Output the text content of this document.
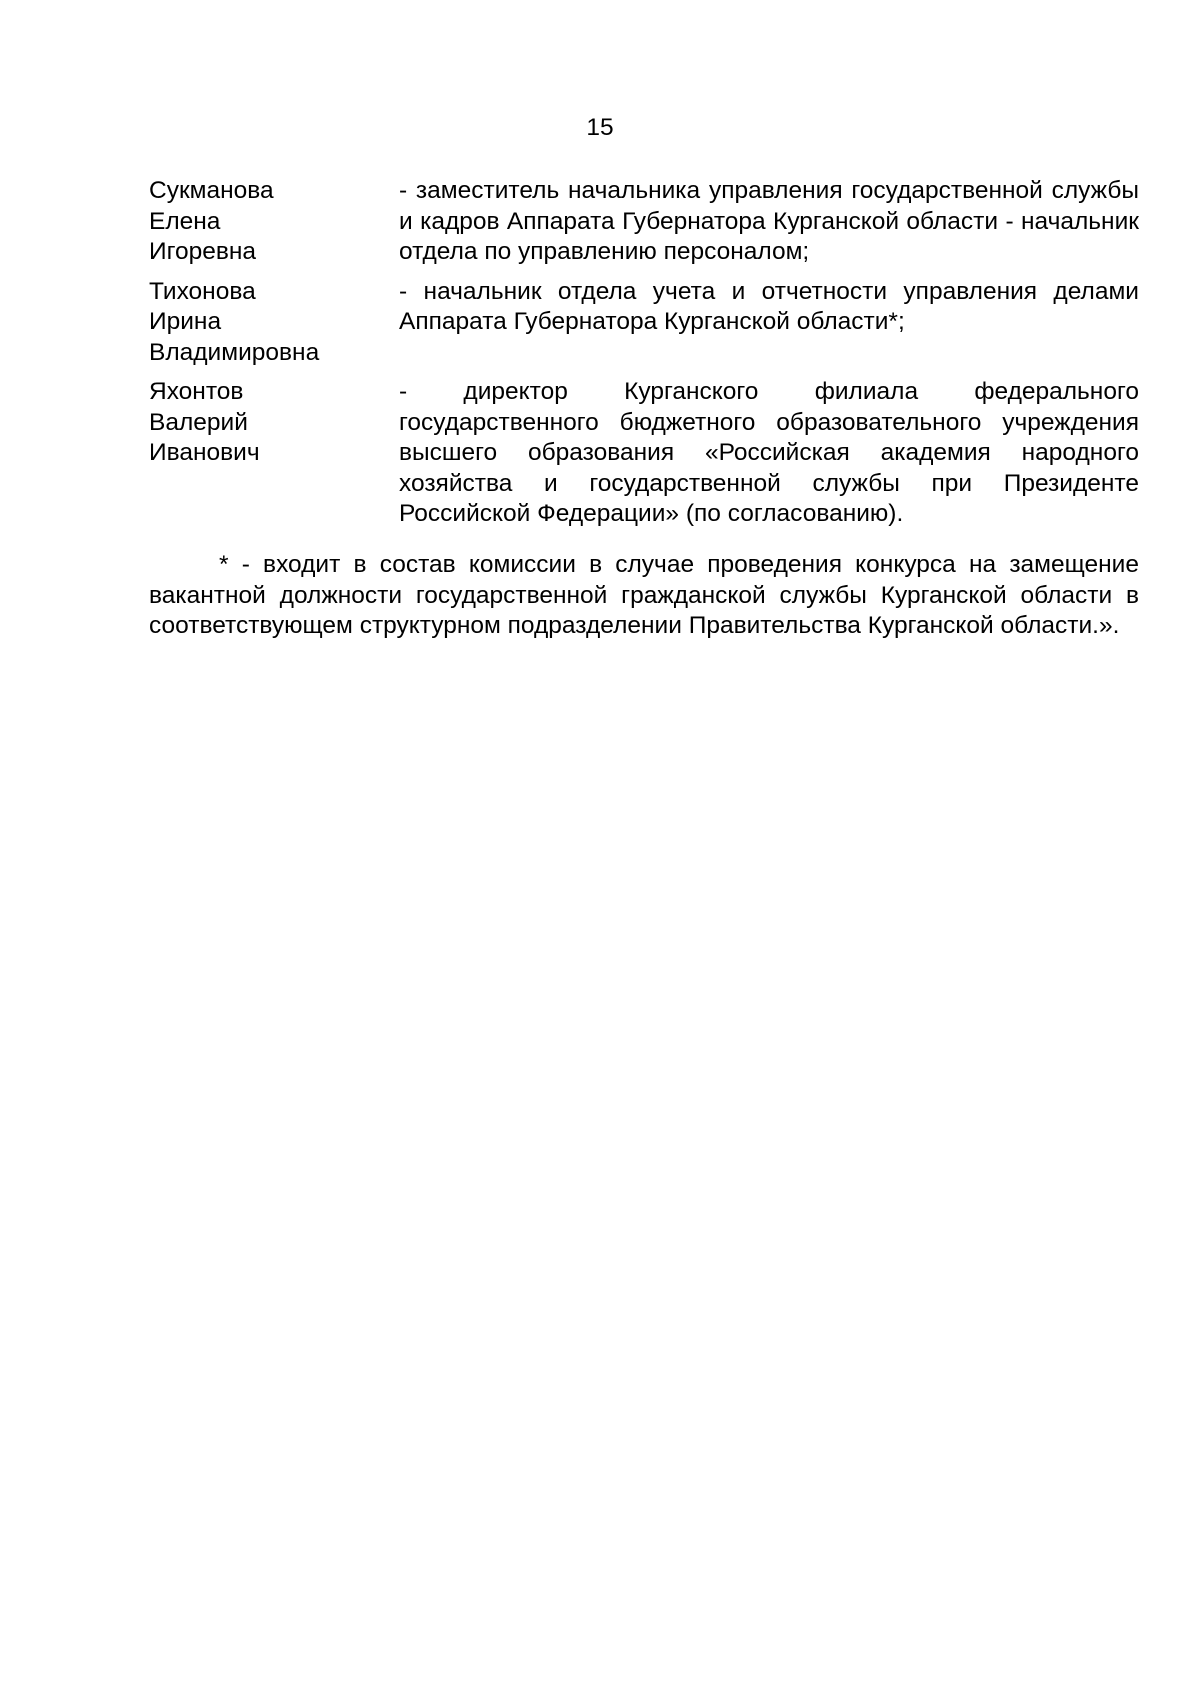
15
Сукманова
Елена
Игоревна
- заместитель начальника управления государственной службы и кадров Аппарата Губернатора Курганской области - начальник отдела по управлению персоналом;
Тихонова
Ирина
Владимировна
- начальник отдела учета и отчетности управления делами Аппарата Губернатора Курганской области*;
Яхонтов
Валерий
Иванович
- директор Курганского филиала федерального государственного бюджетного образовательного учреждения высшего образования «Российская академия народного хозяйства и государственной службы при Президенте Российской Федерации» (по согласованию).

* - входит в состав комиссии в случае проведения конкурса на замещение вакантной должности государственной гражданской службы Курганской области в соответствующем структурном подразделении Правительства Курганской области.».
